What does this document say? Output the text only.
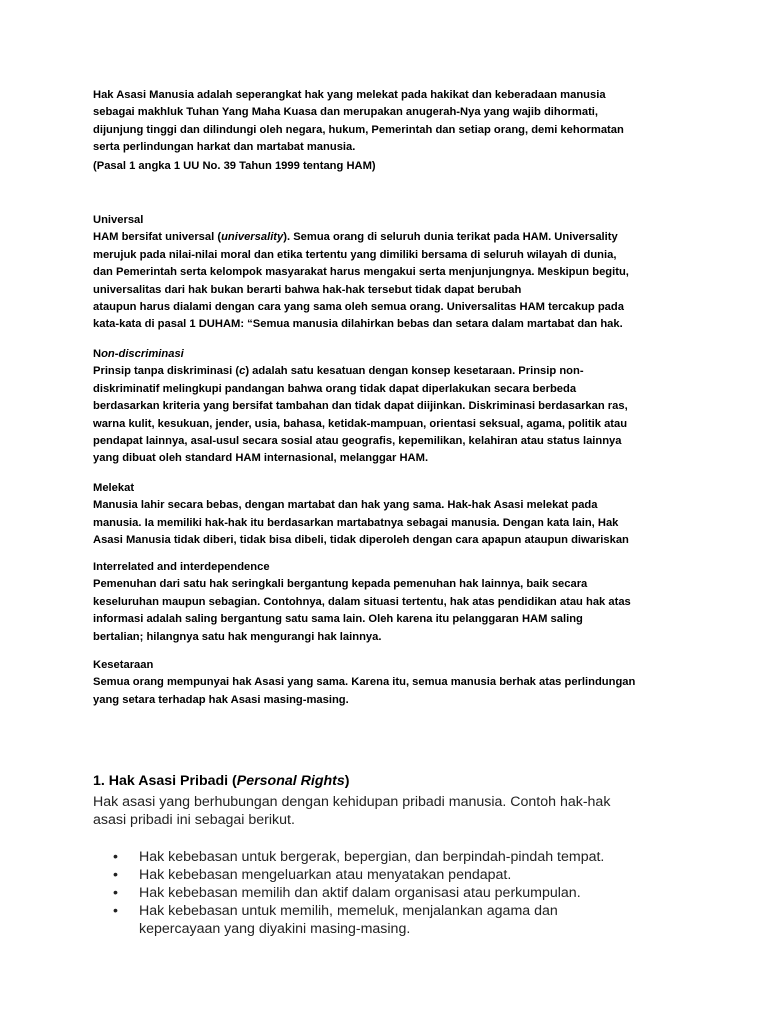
Hak Asasi Manusia adalah seperangkat hak yang melekat pada hakikat dan keberadaan manusia
sebagai makhluk Tuhan Yang Maha Kuasa dan merupakan anugerah-Nya yang wajib dihormati,
dijunjung tinggi dan dilindungi oleh negara, hukum, Pemerintah dan setiap orang, demi kehormatan
serta perlindungan harkat dan martabat manusia.
(Pasal 1 angka 1 UU No. 39 Tahun 1999 tentang HAM)
Universal
HAM bersifat universal (universality). Semua orang di seluruh dunia terikat pada HAM. Universality
merujuk pada nilai-nilai moral dan etika tertentu yang dimiliki bersama di seluruh wilayah di dunia,
dan Pemerintah serta kelompok masyarakat harus mengakui serta menjunjungnya. Meskipun begitu,
universalitas dari hak bukan berarti bahwa hak-hak tersebut tidak dapat berubah
ataupun harus dialami dengan cara yang sama oleh semua orang. Universalitas HAM tercakup pada
kata-kata di pasal 1 DUHAM: “Semua manusia dilahirkan bebas dan setara dalam martabat dan hak.
Non-discriminasi
Prinsip tanpa diskriminasi (c) adalah satu kesatuan dengan konsep kesetaraan. Prinsip non-
diskriminatif melingkupi pandangan bahwa orang tidak dapat diperlakukan secara berbeda
berdasarkan kriteria yang bersifat tambahan dan tidak dapat diijinkan. Diskriminasi berdasarkan ras,
warna kulit, kesukuan, jender, usia, bahasa, ketidak-mampuan, orientasi seksual, agama, politik atau
pendapat lainnya, asal-usul secara sosial atau geografis, kepemilikan, kelahiran atau status lainnya
yang dibuat oleh standard HAM internasional, melanggar HAM.
Melekat
Manusia lahir secara bebas, dengan martabat dan hak yang sama. Hak-hak Asasi melekat pada
manusia. Ia memiliki hak-hak itu berdasarkan martabatnya sebagai manusia. Dengan kata lain, Hak
Asasi Manusia tidak diberi, tidak bisa dibeli, tidak diperoleh dengan cara apapun ataupun diwariskan
Interrelated and interdependence
Pemenuhan dari satu hak seringkali bergantung kepada pemenuhan hak lainnya, baik secara
keseluruhan maupun sebagian. Contohnya, dalam situasi tertentu, hak atas pendidikan atau hak atas
informasi adalah saling bergantung satu sama lain. Oleh karena itu pelanggaran HAM saling
bertalian; hilangnya satu hak mengurangi hak lainnya.
Kesetaraan
Semua orang mempunyai hak Asasi yang sama. Karena itu, semua manusia berhak atas perlindungan
yang setara terhadap hak Asasi masing-masing.
1. Hak Asasi Pribadi (Personal Rights)
Hak asasi yang berhubungan dengan kehidupan pribadi manusia. Contoh hak-hak
asasi pribadi ini sebagai berikut.
• Hak kebebasan untuk bergerak, bepergian, dan berpindah-pindah tempat.
• Hak kebebasan mengeluarkan atau menyatakan pendapat.
• Hak kebebasan memilih dan aktif dalam organisasi atau perkumpulan.
• Hak kebebasan untuk memilih, memeluk, menjalankan agama dan
kepercayaan yang diyakini masing-masing.
